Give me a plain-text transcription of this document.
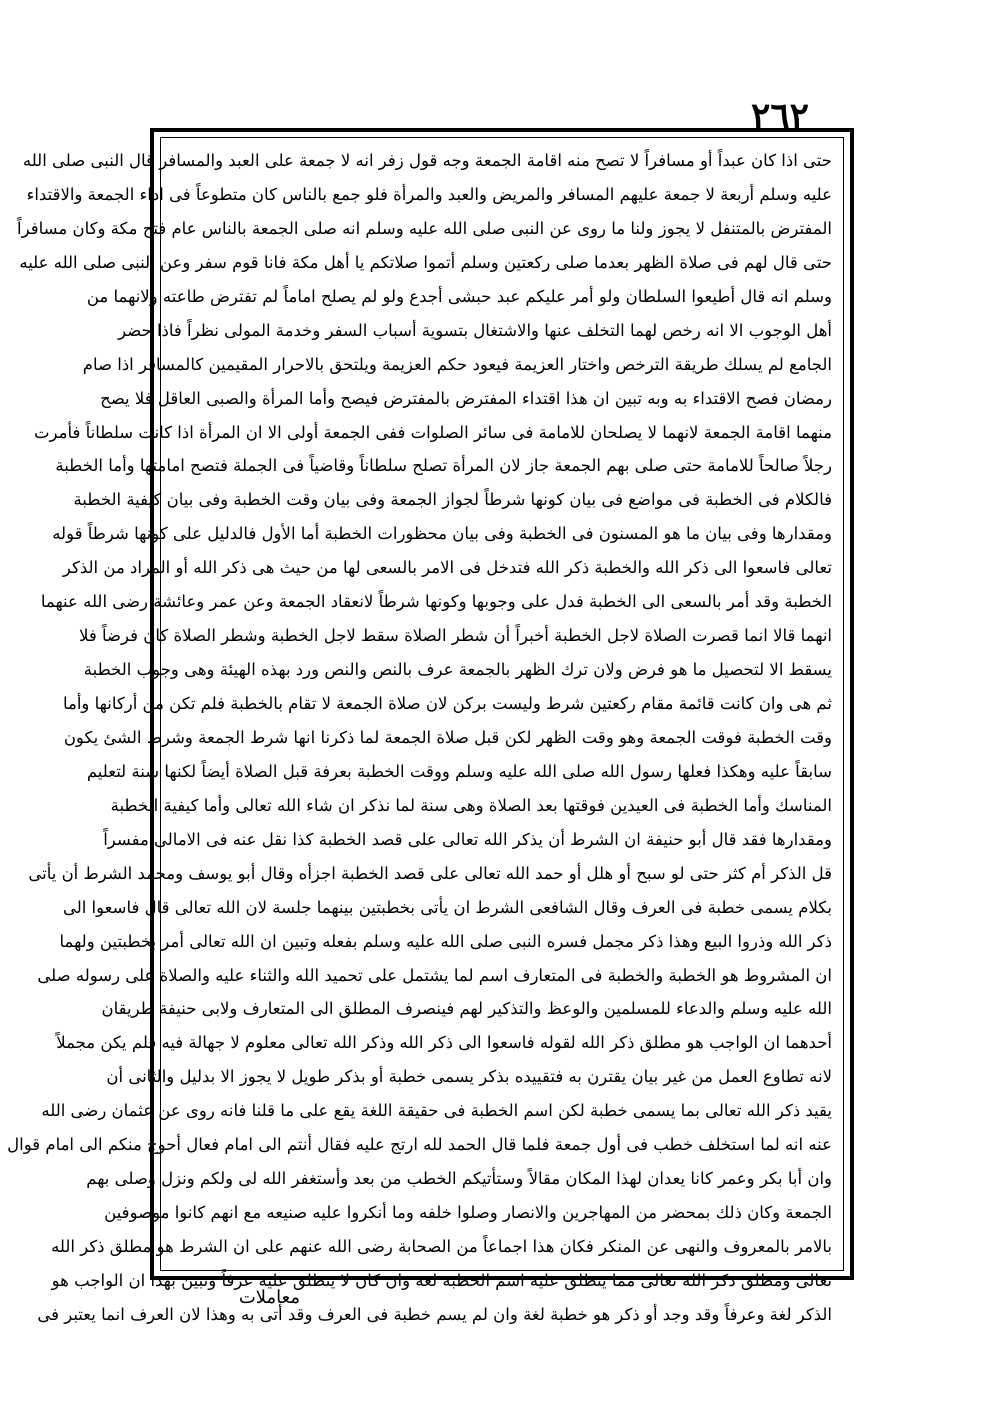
٢٦٢
حتى اذا كان عبداً أو مسافراً لا تصح منه اقامة الجمعة وجه قول زفر انه لا جمعة على العبد والمسافر قال النبى صلى الله
عليه وسلم أربعة لا جمعة عليهم المسافر والمريض والعبد والمرأة فلو جمع بالناس كان متطوعاً فى اداء الجمعة والاقتداء
المفترض بالمتنفل لا يجوز ولنا ما روى عن النبى صلى الله عليه وسلم انه صلى الجمعة بالناس عام فتح مكة وكان مسافراً
حتى قال لهم فى صلاة الظهر بعدما صلى ركعتين وسلم أتموا صلاتكم يا أهل مكة فانا قوم سفر وعن النبى صلى الله عليه
وسلم انه قال أطيعوا السلطان ولو أمر عليكم عبد حبشى أجدع ولو لم يصلح اماماً لم تفترض طاعته ولانهما من
أهل الوجوب الا انه رخص لهما التخلف عنها والاشتغال بتسوية أسباب السفر وخدمة المولى نظراً فاذا حضر
الجامع لم يسلك طريقة الترخص واختار العزيمة فيعود حكم العزيمة ويلتحق بالاحرار المقيمين كالمسافر اذا صام
رمضان فصح الاقتداء به وبه تبين ان هذا اقتداء المفترض بالمفترض فيصح وأما المرأة والصبى العاقل فلا يصح
منهما اقامة الجمعة لانهما لا يصلحان للامامة فى سائر الصلوات ففى الجمعة أولى الا ان المرأة اذا كانت سلطاناً فأمرت
رجلاً صالحاً للامامة حتى صلى بهم الجمعة جاز لان المرأة تصلح سلطاناً وقاضياً فى الجملة فتصح امامتها وأما الخطبة
فالكلام فى الخطبة فى مواضع فى بيان كونها شرطاً لجواز الجمعة وفى بيان وقت الخطبة وفى بيان كيفية الخطبة
ومقدارها وفى بيان ما هو المسنون فى الخطبة وفى بيان محظورات الخطبة أما الأول فالدليل على كونها شرطاً قوله
تعالى فاسعوا الى ذكر الله والخطبة ذكر الله فتدخل فى الامر بالسعى لها من حيث هى ذكر الله أو المراد من الذكر
الخطبة وقد أمر بالسعى الى الخطبة فدل على وجوبها وكونها شرطاً لانعقاد الجمعة وعن عمر وعائشة رضى الله عنهما
انهما قالا انما قصرت الصلاة لاجل الخطبة أخبراً أن شطر الصلاة سقط لاجل الخطبة وشطر الصلاة كان فرضاً فلا
يسقط الا لتحصيل ما هو فرض ولان ترك الظهر بالجمعة عرف بالنص والنص ورد بهذه الهيئة وهى وجوب الخطبة
ثم هى وان كانت قائمة مقام ركعتين شرط وليست بركن لان صلاة الجمعة لا تقام بالخطبة فلم تكن من أركانها وأما
وقت الخطبة فوقت الجمعة وهو وقت الظهر لكن قبل صلاة الجمعة لما ذكرنا انها شرط الجمعة وشرط الشئ يكون
سابقاً عليه وهكذا فعلها رسول الله صلى الله عليه وسلم ووقت الخطبة بعرفة قبل الصلاة أيضاً لكنها سنة لتعليم
المناسك وأما الخطبة فى العيدين فوقتها بعد الصلاة وهى سنة لما نذكر ان شاء الله تعالى وأما كيفية الخطبة
ومقدارها فقد قال أبو حنيفة ان الشرط أن يذكر الله تعالى على قصد الخطبة كذا نقل عنه فى الامالى مفسراً
قل الذكر أم كثر حتى لو سبح أو هلل أو حمد الله تعالى على قصد الخطبة اجزأه وقال أبو يوسف ومحمد الشرط أن يأتى
بكلام يسمى خطبة فى العرف وقال الشافعى الشرط ان يأتى بخطبتين بينهما جلسة لان الله تعالى قال فاسعوا الى
ذكر الله وذروا البيع وهذا ذكر مجمل فسره النبى صلى الله عليه وسلم بفعله وتبين ان الله تعالى أمر بخطبتين ولهما
ان المشروط هو الخطبة والخطبة فى المتعارف اسم لما يشتمل على تحميد الله والثناء عليه والصلاة على رسوله صلى
الله عليه وسلم والدعاء للمسلمين والوعظ والتذكير لهم فينصرف المطلق الى المتعارف ولابى حنيفة طريقان
أحدهما ان الواجب هو مطلق ذكر الله لقوله فاسعوا الى ذكر الله وذكر الله تعالى معلوم لا جهالة فيه فلم يكن مجملاً
لانه تطاوع العمل من غير بيان يقترن به فتقييده بذكر يسمى خطبة أو بذكر طويل لا يجوز الا بدليل والثانى أن
يقيد ذكر الله تعالى بما يسمى خطبة لكن اسم الخطبة فى حقيقة اللغة يقع على ما قلنا فانه روى عن عثمان رضى الله
عنه انه لما استخلف خطب فى أول جمعة فلما قال الحمد لله ارتج عليه فقال أنتم الى امام فعال أحوج منكم الى امام قوال
وان أبا بكر وعمر كانا يعدان لهذا المكان مقالاً وستأتيكم الخطب من بعد وأستغفر الله لى ولكم ونزل وصلى بهم
الجمعة وكان ذلك بمحضر من المهاجرين والانصار وصلوا خلفه وما أنكروا عليه صنيعه مع انهم كانوا موصوفين
بالامر بالمعروف والنهى عن المنكر فكان هذا اجماعاً من الصحابة رضى الله عنهم على ان الشرط هو مطلق ذكر الله
تعالى ومطلق ذكر الله تعالى مما ينطلق عليه اسم الخطبة لغة وان كان لا ينطلق عليه عرفاً وتبين بهذا ان الواجب هو
الذكر لغة وعرفاً وقد وجد أو ذكر هو خطبة لغة وان لم يسم خطبة فى العرف وقد أتى به وهذا لان العرف انما يعتبر فى
معاملات
